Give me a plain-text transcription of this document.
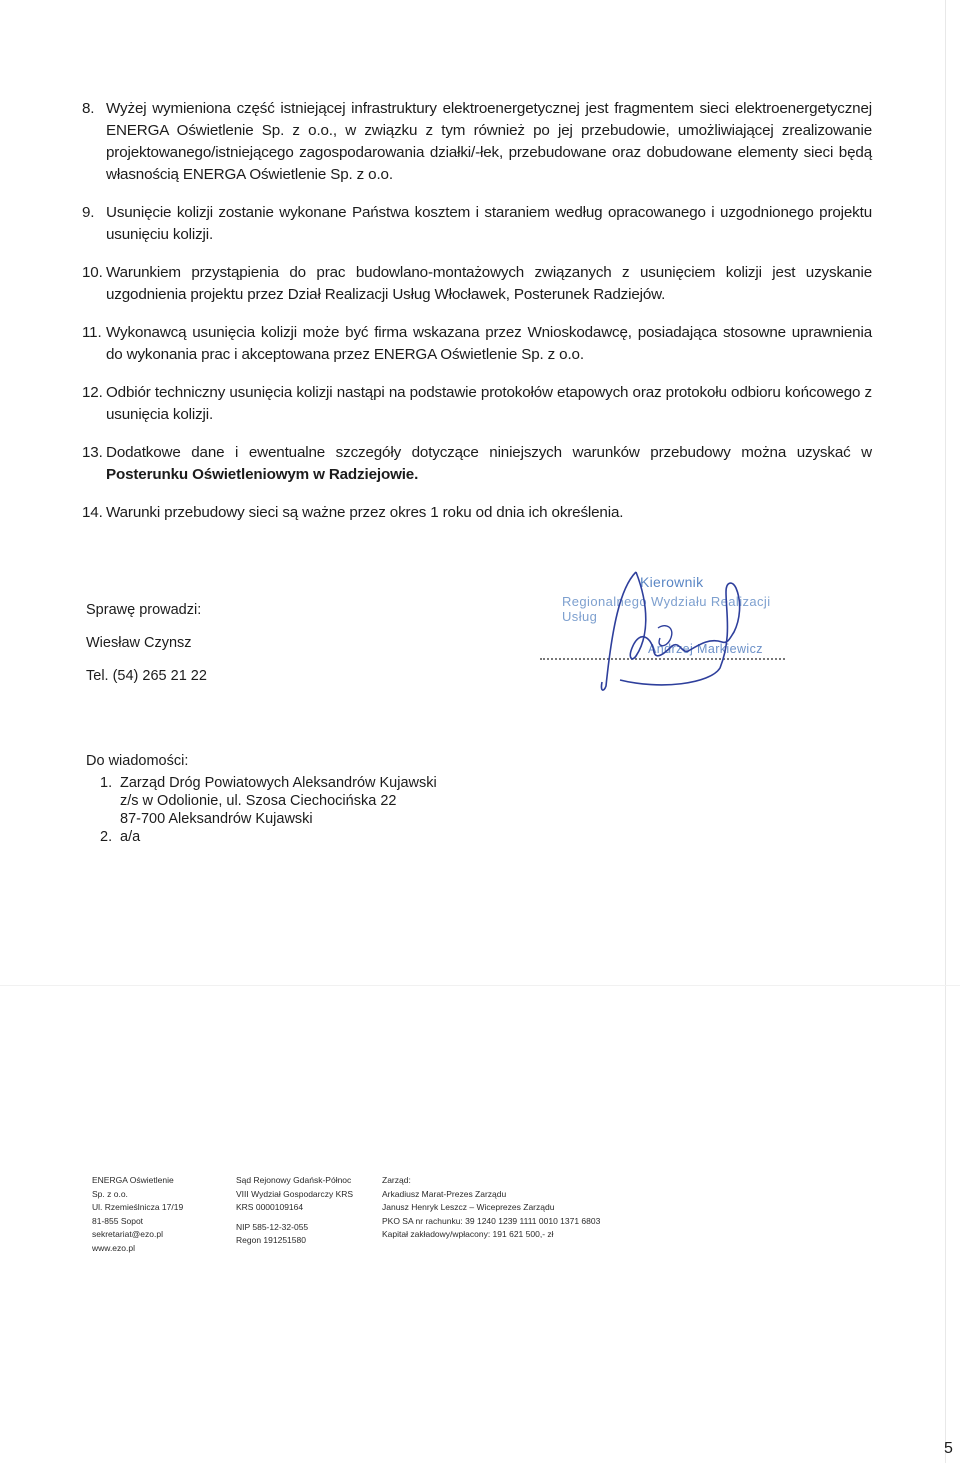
8. Wyżej wymieniona część istniejącej infrastruktury elektroenergetycznej jest fragmentem sieci elektroenergetycznej ENERGA Oświetlenie Sp. z o.o., w związku z tym również po jej przebudowie, umożliwiającej zrealizowanie projektowanego/istniejącego zagospodarowania działki/-łek, przebudowane oraz dobudowane elementy sieci będą własnością ENERGA Oświetlenie Sp. z o.o.
9. Usunięcie kolizji zostanie wykonane Państwa kosztem i staraniem według opracowanego i uzgodnionego projektu usunięciu kolizji.
10. Warunkiem przystąpienia do prac budowlano-montażowych związanych z usunięciem kolizji jest uzyskanie uzgodnienia projektu przez Dział Realizacji Usług Włocławek, Posterunek Radziejów.
11. Wykonawcą usunięcia kolizji może być firma wskazana przez Wnioskodawcę, posiadająca stosowne uprawnienia do wykonania prac i akceptowana przez ENERGA Oświetlenie Sp. z o.o.
12. Odbiór techniczny usunięcia kolizji nastąpi na podstawie protokołów etapowych oraz protokołu odbioru końcowego z usunięcia kolizji.
13. Dodatkowe dane i ewentualne szczegóły dotyczące niniejszych warunków przebudowy można uzyskać w Posterunku Oświetleniowym w Radziejowie.
14. Warunki przebudowy sieci są ważne przez okres 1 roku od dnia ich określenia.
Sprawę prowadzi:
Wiesław Czynsz
Tel. (54) 265 21 22
Kierownik
Regionalnego Wydziału Realizacji Usług
Andrzej Markiewicz
Do wiadomości:
1. Zarząd Dróg Powiatowych Aleksandrów Kujawski
z/s w Odolionie, ul. Szosa Ciechocińska 22
87-700 Aleksandrów Kujawski
2. a/a
ENERGA Oświetlenie
Sp. z o.o.
Ul. Rzemieślnicza 17/19
81-855 Sopot
sekretariat@ezo.pl
www.ezo.pl
Sąd Rejonowy Gdańsk-Północ
VIII Wydział Gospodarczy KRS
KRS 0000109164
NIP 585-12-32-055
Regon 191251580
Zarząd:
Arkadiusz Marat-Prezes Zarządu
Janusz Henryk Leszcz – Wiceprezes Zarządu
PKO SA nr rachunku: 39 1240 1239 1111 0010 1371 6803
Kapitał zakładowy/wpłacony: 191 621 500,- zł
5
